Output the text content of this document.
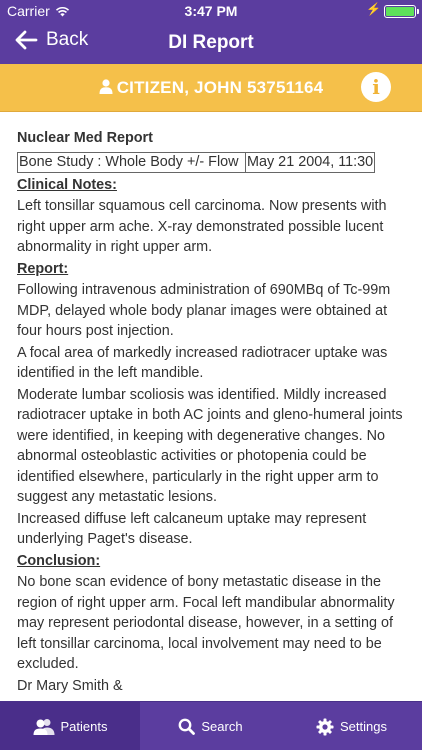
Carrier	3:47 PM	⚡
Back	DI Report
CITIZEN, JOHN 53751164	i
Nuclear Med Report
Bone Study : Whole Body +/- Flow May 21 2004, 11:30
Clinical Notes:
Left tonsillar squamous cell carcinoma. Now presents with right upper arm ache. X-ray demonstrated possible lucent abnormality in right upper arm.
Report:
Following intravenous administration of 690MBq of Tc-99m MDP, delayed whole body planar images were obtained at four hours post injection.
A focal area of markedly increased radiotracer uptake was identified in the left mandible.
Moderate lumbar scoliosis was identified. Mildly increased radiotracer uptake in both AC joints and gleno-humeral joints were identified, in keeping with degenerative changes. No abnormal osteoblastic activities or photopenia could be identified elsewhere, particularly in the right upper arm to suggest any metastatic lesions.
Increased diffuse left calcaneum uptake may represent underlying Paget's disease.
Conclusion:
No bone scan evidence of bony metastatic disease in the region of right upper arm. Focal left mandibular abnormality may represent periodontal disease, however, in a setting of left tonsillar carcinoma, local involvement may need to be excluded.
Dr Mary Smith &
Patients	Search	Settings
